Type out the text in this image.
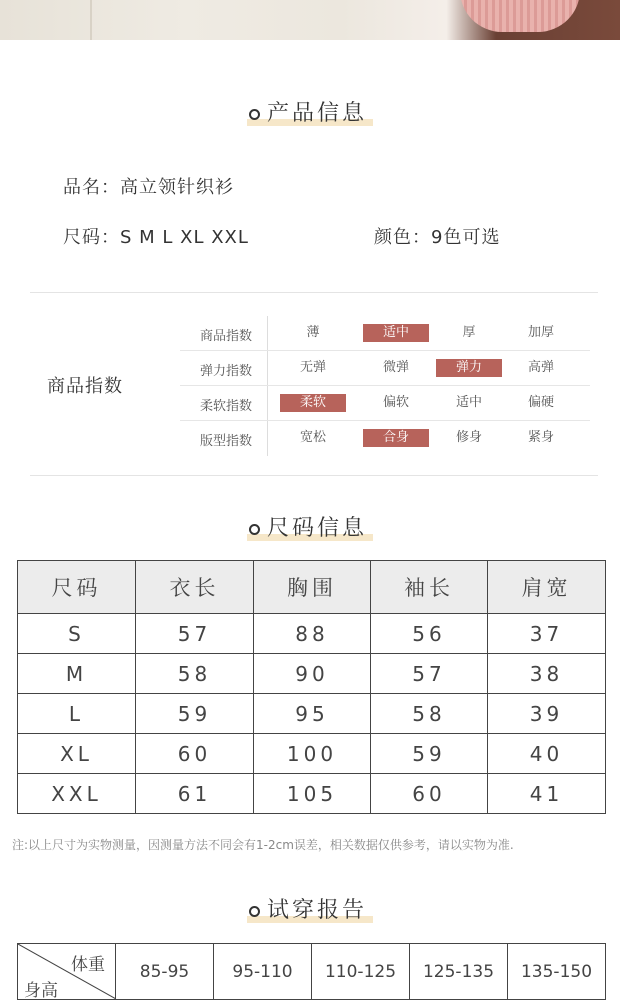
产品信息
品名：高立领针织衫
尺码：S M L XL XXL	颜色：9色可选
商品指数
商品指数	薄	适中	厚	加厚
弹力指数	无弹	微弹	弹力	高弹
柔软指数	柔软	偏软	适中	偏硬
版型指数	宽松	合身	修身	紧身
尺码信息
尺码	衣长	胸围	袖长	肩宽
S	57	88	56	37
M	58	90	57	38
L	59	95	58	39
XL	60	100	59	40
XXL	61	105	60	41
注:以上尺寸为实物测量，因测量方法不同会有1-2cm误差，相关数据仅供参考，请以实物为准.
试穿报告
体重
身高
	85-95	95-110	110-125	125-135	135-150
